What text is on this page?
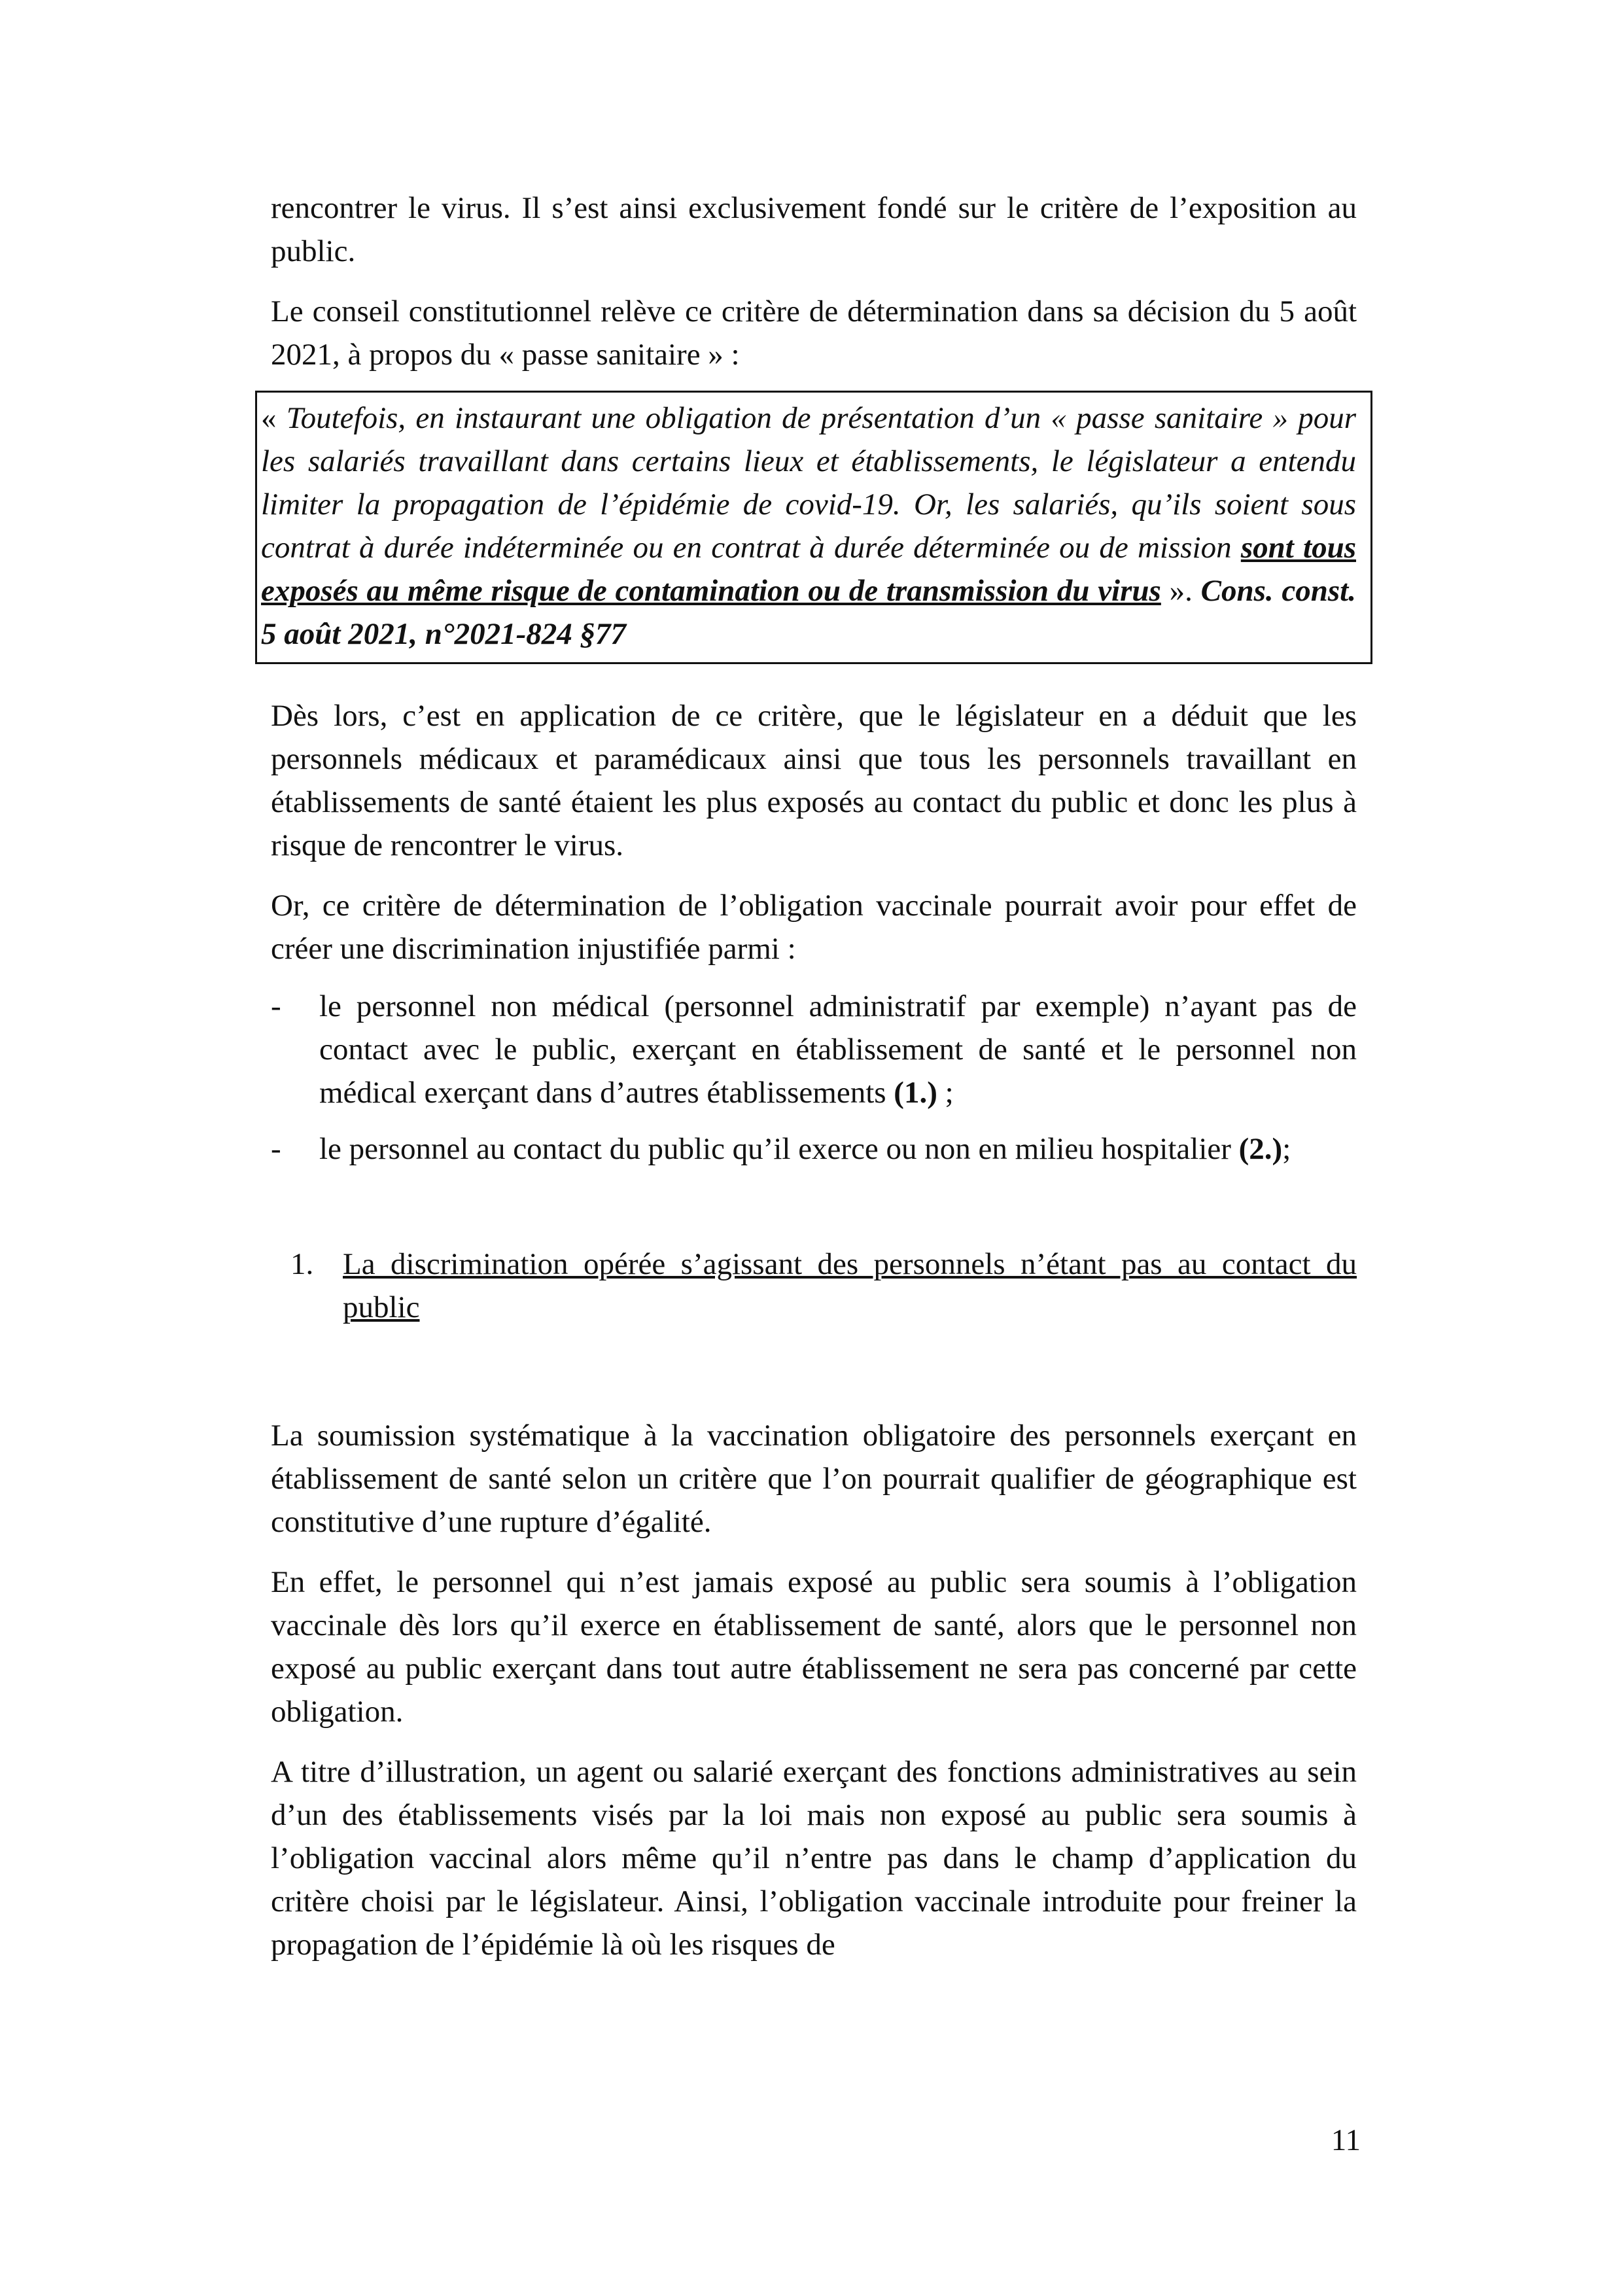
rencontrer le virus. Il s’est ainsi exclusivement fondé sur le critère de l’exposition au public.

Le conseil constitutionnel relève ce critère de détermination dans sa décision du 5 août 2021, à propos du « passe sanitaire » :

« Toutefois, en instaurant une obligation de présentation d’un « passe sanitaire » pour les salariés travaillant dans certains lieux et établissements, le législateur a entendu limiter la propagation de l’épidémie de covid-19. Or, les salariés, qu’ils soient sous contrat à durée indéterminée ou en contrat à durée déterminée ou de mission sont tous exposés au même risque de contamination ou de transmission du virus ». Cons. const. 5 août 2021, n°2021-824 §77

Dès lors, c’est en application de ce critère, que le législateur en a déduit que les personnels médicaux et paramédicaux ainsi que tous les personnels travaillant en établissements de santé étaient les plus exposés au contact du public et donc les plus à risque de rencontrer le virus.

Or, ce critère de détermination de l’obligation vaccinale pourrait avoir pour effet de créer une discrimination injustifiée parmi :

- le personnel non médical (personnel administratif par exemple) n’ayant pas de contact avec le public, exerçant en établissement de santé et le personnel non médical exerçant dans d’autres établissements (1.) ;

- le personnel au contact du public qu’il exerce ou non en milieu hospitalier (2.);

1. La discrimination opérée s’agissant des personnels n’étant pas au contact du public

La soumission systématique à la vaccination obligatoire des personnels exerçant en établissement de santé selon un critère que l’on pourrait qualifier de géographique est constitutive d’une rupture d’égalité.

En effet, le personnel qui n’est jamais exposé au public sera soumis à l’obligation vaccinale dès lors qu’il exerce en établissement de santé, alors que le personnel non exposé au public exerçant dans tout autre établissement ne sera pas concerné par cette obligation.

A titre d’illustration, un agent ou salarié exerçant des fonctions administratives au sein d’un des établissements visés par la loi mais non exposé au public sera soumis à l’obligation vaccinal alors même qu’il n’entre pas dans le champ d’application du critère choisi par le législateur. Ainsi, l’obligation vaccinale introduite pour freiner la propagation de l’épidémie là où les risques de

11
